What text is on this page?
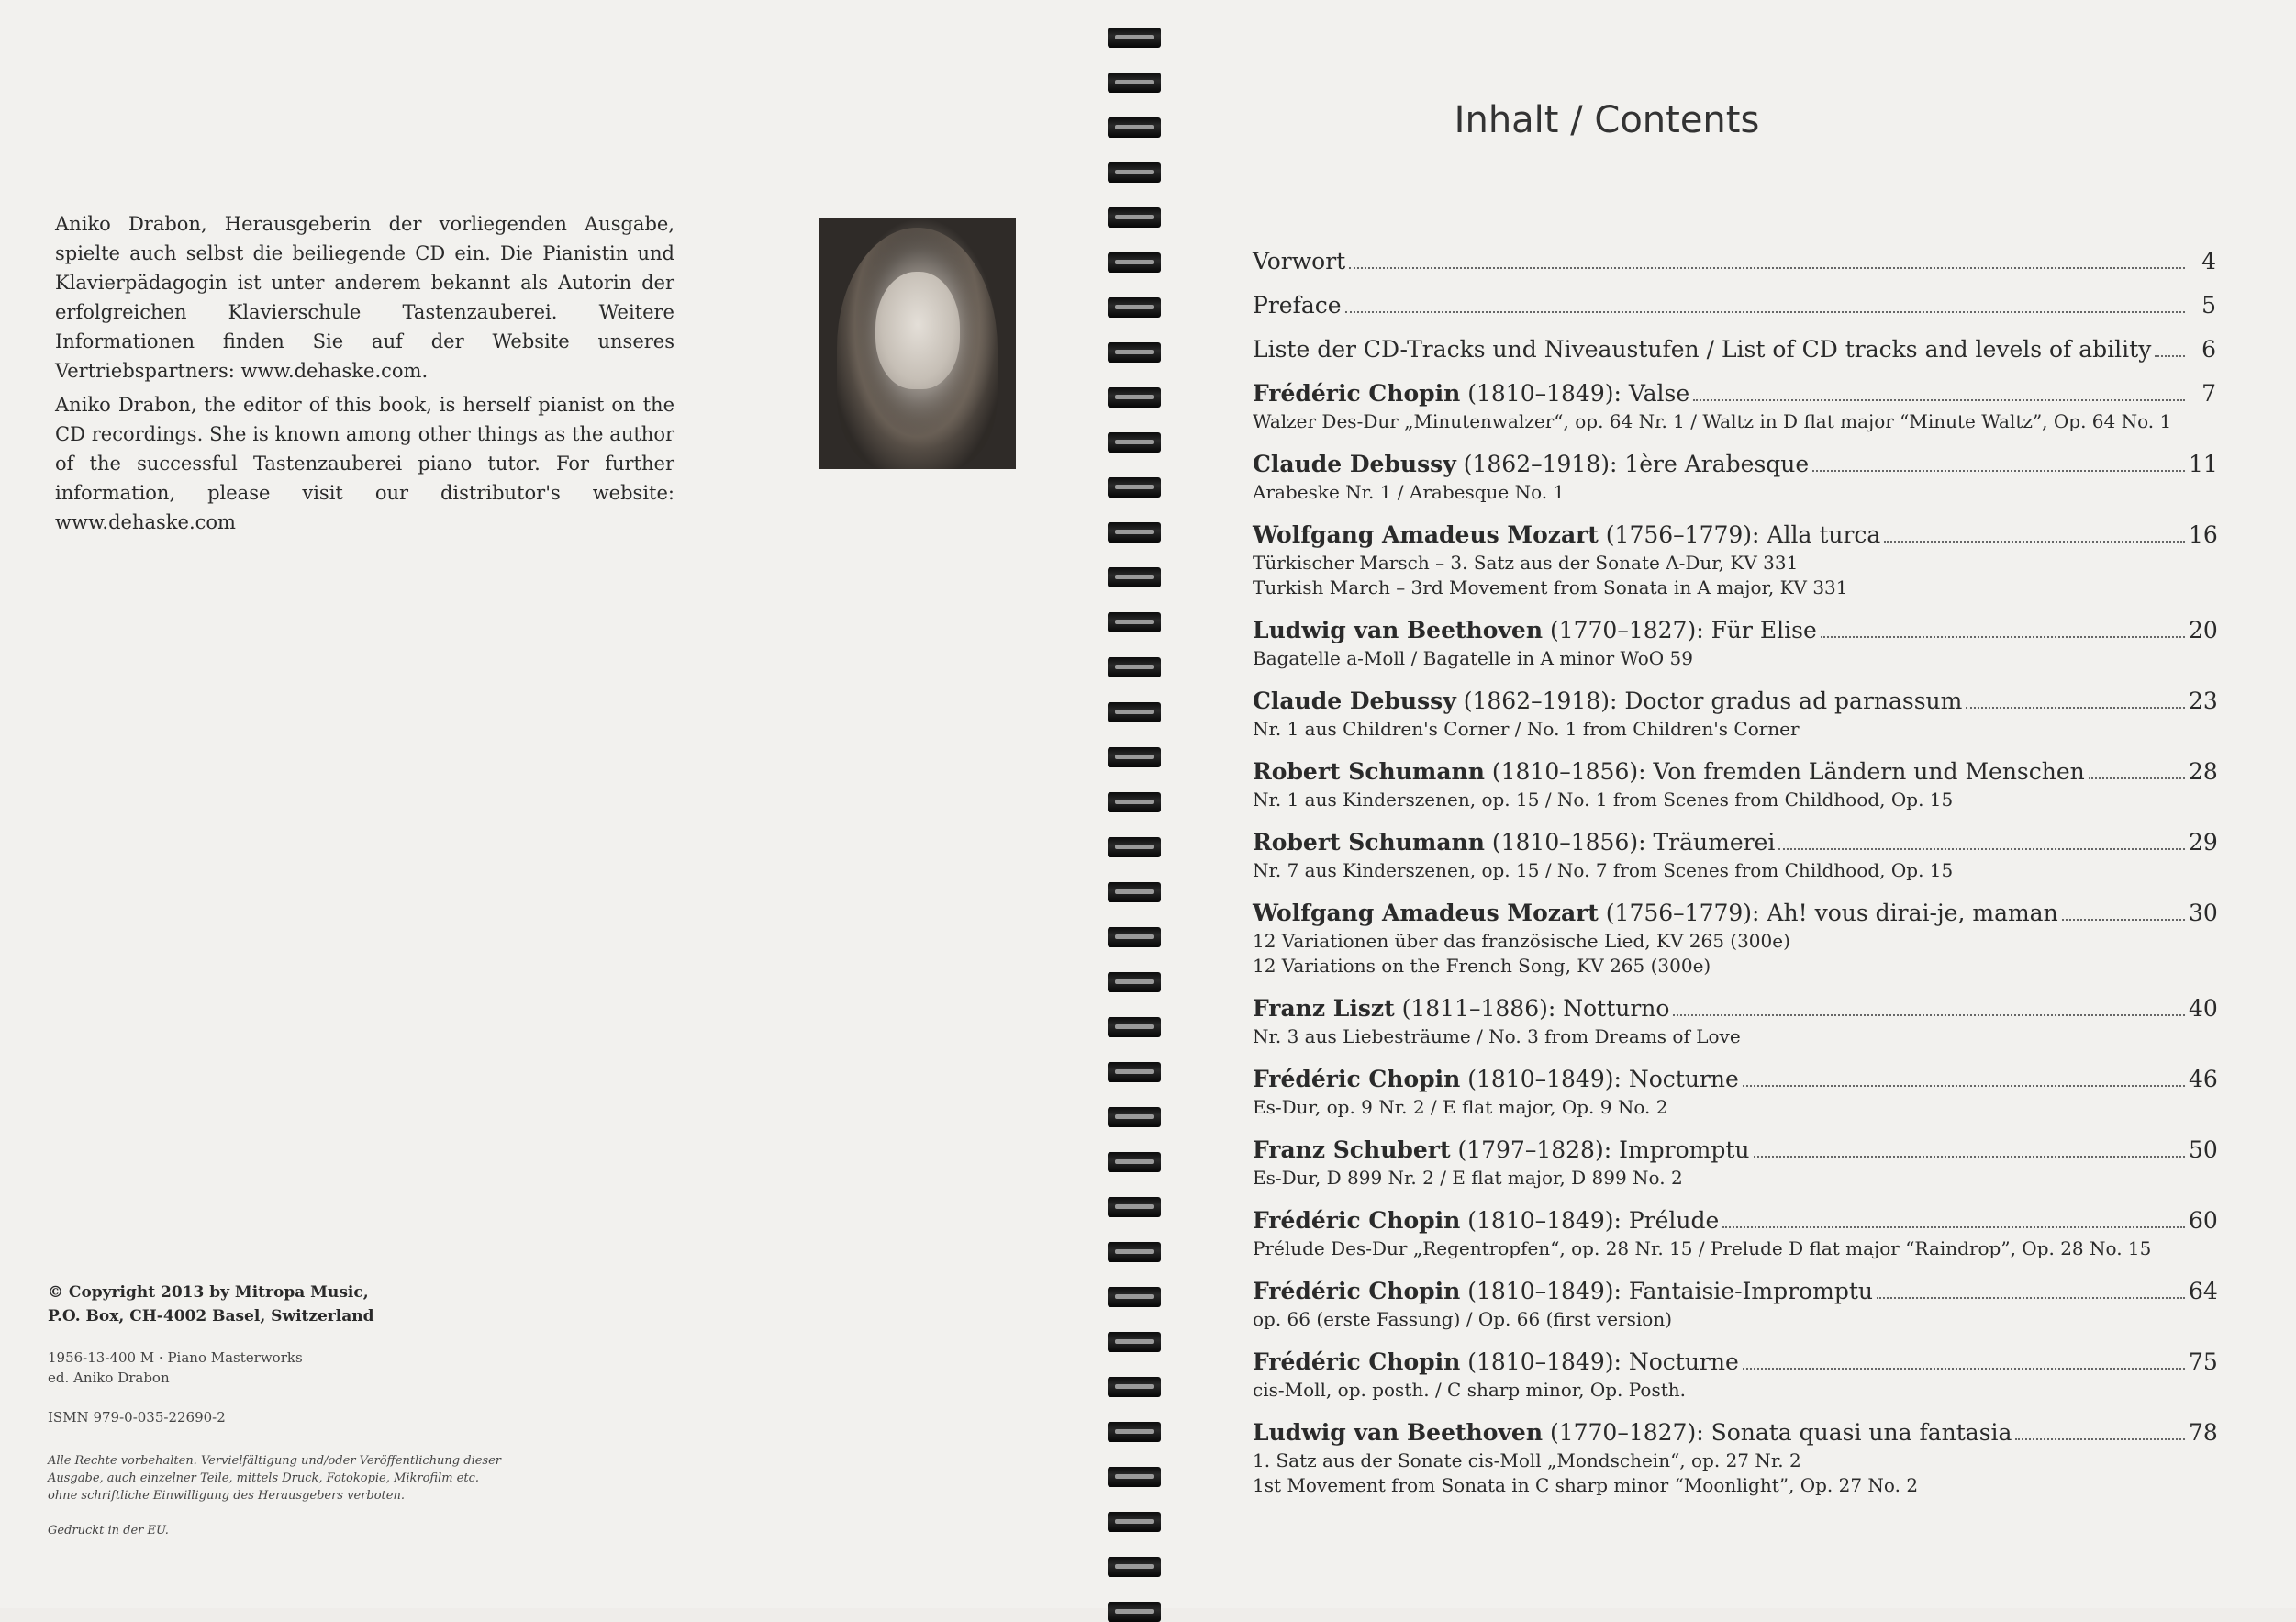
Aniko Drabon, Herausgeberin der vorliegenden Ausgabe, spielte auch selbst die beiliegende CD ein. Die Pianistin und Klavierpädagogin ist unter anderem bekannt als Autorin der erfolgreichen Klavierschule Tastenzauberei. Weitere Informationen finden Sie auf der Website unseres Vertriebspartners: www.dehaske.com.

Aniko Drabon, the editor of this book, is herself pianist on the CD recordings. She is known among other things as the author of the successful Tastenzauberei piano tutor. For further information, please visit our distributor's website: www.dehaske.com

© Copyright 2013 by Mitropa Music,
P.O. Box, CH-4002 Basel, Switzerland
1956-13-400 M · Piano Masterworks
ed. Aniko Drabon
ISMN 979-0-035-22690-2
Alle Rechte vorbehalten. Vervielfältigung und/oder Veröffentlichung dieser Ausgabe, auch einzelner Teile, mittels Druck, Fotokopie, Mikrofilm etc. ohne schriftliche Einwilligung des Herausgebers verboten.
Gedruckt in der EU.
Inhalt / Contents
Vorwort	4
Preface	5
Liste der CD-Tracks und Niveaustufen / List of CD tracks and levels of ability	6
Frédéric Chopin (1810–1849): Valse	7
Walzer Des-Dur „Minutenwalzer“, op. 64 Nr. 1 / Waltz in D flat major “Minute Waltz”, Op. 64 No. 1
Claude Debussy (1862–1918): 1ère Arabesque	11
Arabeske Nr. 1 / Arabesque No. 1
Wolfgang Amadeus Mozart (1756–1779): Alla turca	16
Türkischer Marsch – 3. Satz aus der Sonate A-Dur, KV 331
Turkish March – 3rd Movement from Sonata in A major, KV 331
Ludwig van Beethoven (1770–1827): Für Elise	20
Bagatelle a-Moll / Bagatelle in A minor WoO 59
Claude Debussy (1862–1918): Doctor gradus ad parnassum	23
Nr. 1 aus Children's Corner / No. 1 from Children's Corner
Robert Schumann (1810–1856): Von fremden Ländern und Menschen	28
Nr. 1 aus Kinderszenen, op. 15 / No. 1 from Scenes from Childhood, Op. 15
Robert Schumann (1810–1856): Träumerei	29
Nr. 7 aus Kinderszenen, op. 15 / No. 7 from Scenes from Childhood, Op. 15
Wolfgang Amadeus Mozart (1756–1779): Ah! vous dirai-je, maman	30
12 Variationen über das französische Lied, KV 265 (300e)
12 Variations on the French Song, KV 265 (300e)
Franz Liszt (1811–1886): Notturno	40
Nr. 3 aus Liebesträume / No. 3 from Dreams of Love
Frédéric Chopin (1810–1849): Nocturne	46
Es-Dur, op. 9 Nr. 2 / E flat major, Op. 9 No. 2
Franz Schubert (1797–1828): Impromptu	50
Es-Dur, D 899 Nr. 2 / E flat major, D 899 No. 2
Frédéric Chopin (1810–1849): Prélude	60
Prélude Des-Dur „Regentropfen“, op. 28 Nr. 15 / Prelude D flat major “Raindrop”, Op. 28 No. 15
Frédéric Chopin (1810–1849): Fantaisie-Impromptu	64
op. 66 (erste Fassung) / Op. 66 (first version)
Frédéric Chopin (1810–1849): Nocturne	75
cis-Moll, op. posth. / C sharp minor, Op. Posth.
Ludwig van Beethoven (1770–1827): Sonata quasi una fantasia	78
1. Satz aus der Sonate cis-Moll „Mondschein“, op. 27 Nr. 2
1st Movement from Sonata in C sharp minor “Moonlight”, Op. 27 No. 2
